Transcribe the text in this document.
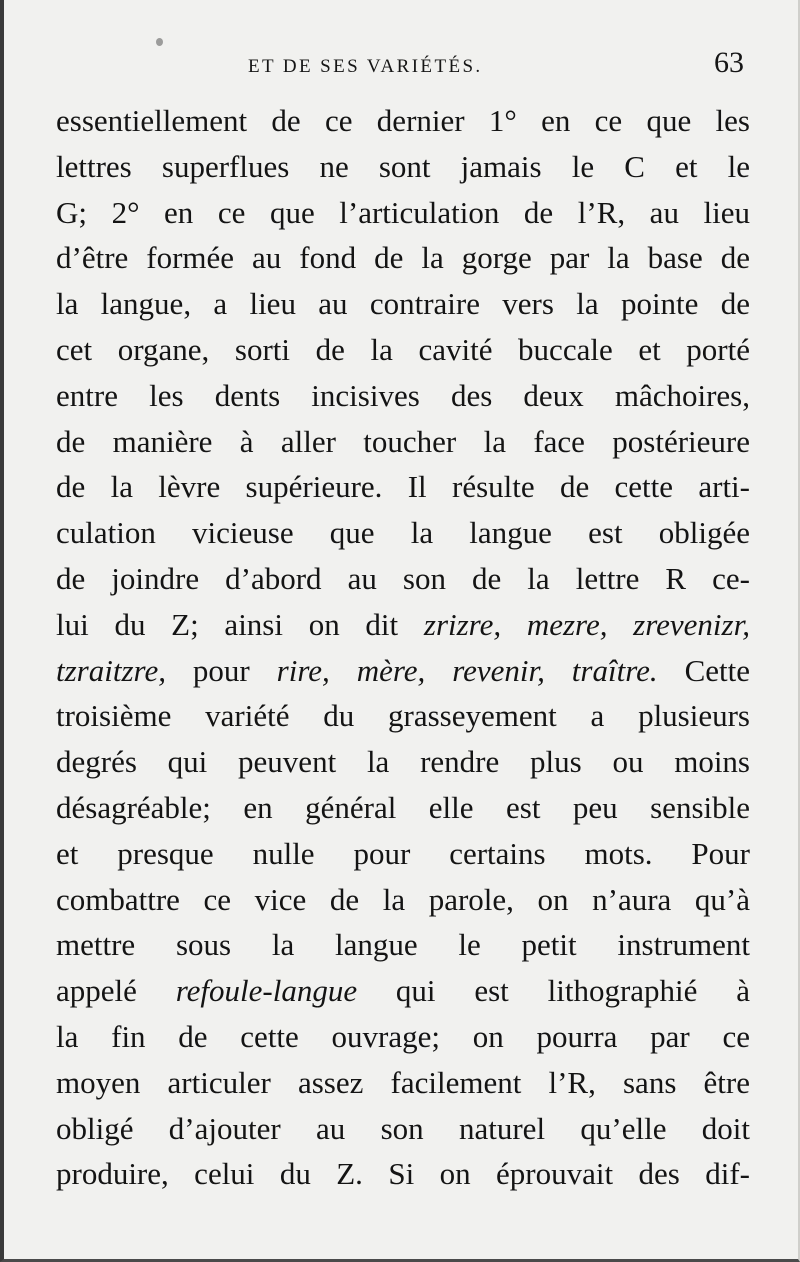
ET DE SES VARIÉTÉS.	63
essentiellement de ce dernier 1° en ce que les
lettres superflues ne sont jamais le C et le
G; 2° en ce que l’articulation de l’R, au lieu
d’être formée au fond de la gorge par la base de
la langue, a lieu au contraire vers la pointe de
cet organe, sorti de la cavité buccale et porté
entre les dents incisives des deux mâchoires,
de manière à aller toucher la face postérieure
de la lèvre supérieure. Il résulte de cette arti-
culation vicieuse que la langue est obligée
de joindre d’abord au son de la lettre R ce-
lui du Z; ainsi on dit zrizre, mezre, zrevenizr,
tzraitzre, pour rire, mère, revenir, traître. Cette
troisième variété du grasseyement a plusieurs
degrés qui peuvent la rendre plus ou moins
désagréable; en général elle est peu sensible
et presque nulle pour certains mots. Pour
combattre ce vice de la parole, on n’aura qu’à
mettre sous la langue le petit instrument
appelé refoule-langue qui est lithographié à
la fin de cette ouvrage; on pourra par ce
moyen articuler assez facilement l’R, sans être
obligé d’ajouter au son naturel qu’elle doit
produire, celui du Z. Si on éprouvait des dif-
